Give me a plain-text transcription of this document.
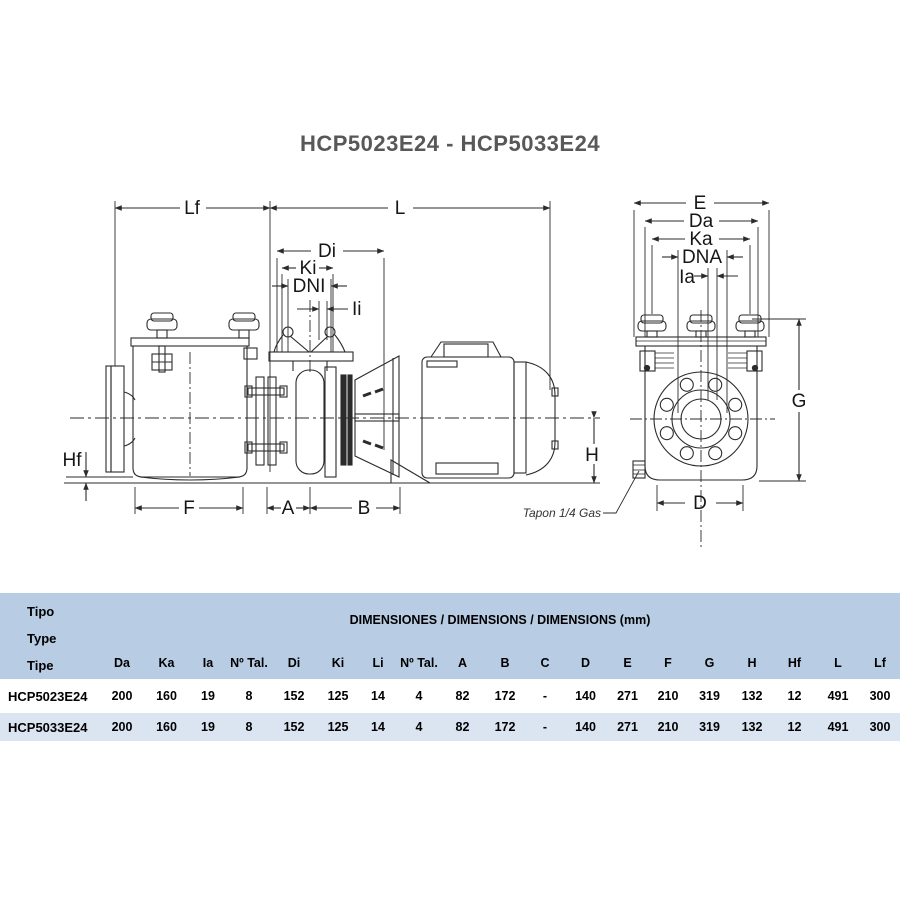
HCP5023E24 - HCP5033E24
Lf	L
Di
Ki
DNI
Ii
Hf
F	A	B
H
Tapon 1/4 Gas
E
Da
Ka
DNA
Ia
G
D
Tipo
Type
Tipe	DIMENSIONES / DIMENSIONS / DIMENSIONS (mm)																		
	Da	Ka	Ia	Nº Tal.	Di	Ki	Li	Nº Tal.	A	B	C	D	E	F	G	H	Hf	L	Lf
HCP5023E24	200	160	19	8	152	125	14	4	82	172	-	140	271	210	319	132	12	491	300
HCP5033E24	200	160	19	8	152	125	14	4	82	172	-	140	271	210	319	132	12	491	300
